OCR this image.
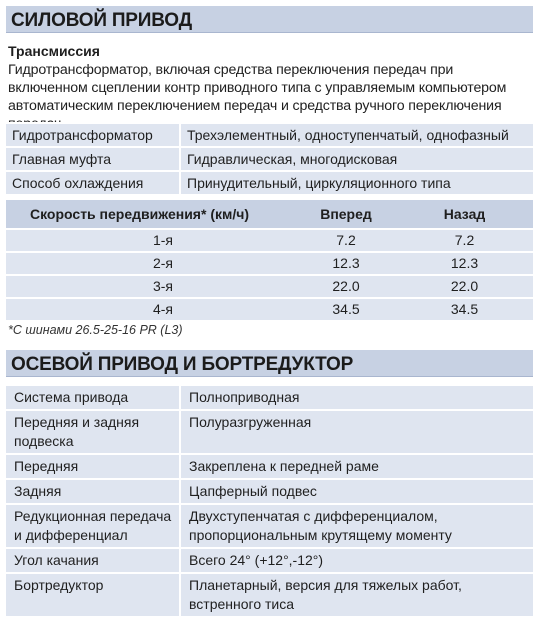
СИЛОВОЙ ПРИВОД
Трансмиссия
Гидротрансформатор, включая средства переключения передач при включенном сцеплении контр приводного типа с управляемым компьютером автоматическим переключением передач и средства ручного переключения
Гидротрансформатор	Трехэлементный, одноступенчатый, однофазный
Главная муфта	Гидравлическая, многодисковая
Способ охлаждения	Принудительный, циркуляционного типа
Скорость передвижения* (км/ч)	Вперед	Назад
1-я	7.2	7.2
2-я	12.3	12.3
3-я	22.0	22.0
4-я	34.5	34.5
*С шинами 26.5-25-16 PR (L3)
ОСЕВОЙ ПРИВОД И БОРТРЕДУКТОР
Система привода	Полноприводная
Передняя и задняя подвеска	Полуразгруженная
Передняя	Закреплена к передней раме
Задняя	Цапферный подвес
Редукционная передача и дифференциал	Двухступенчатая с дифференциалом, пропорциональным крутящему моменту
Угол качания	Всего 24° (+12°,-12°)
Бортредуктор	Планетарный, версия для тяжелых работ, встренного тиса
